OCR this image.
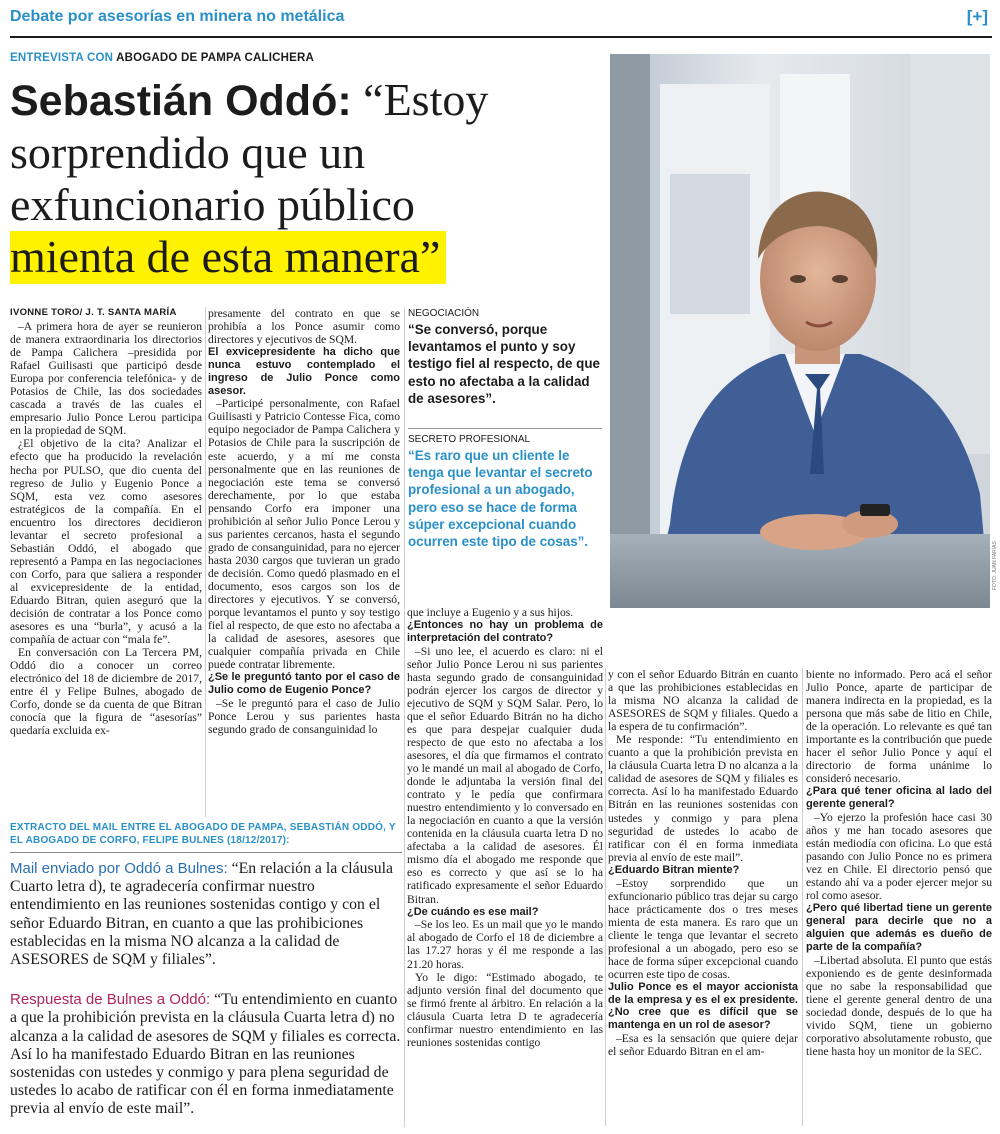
Debate por asesorías en minera no metálica	[+]
ENTREVISTA CON ABOGADO DE PAMPA CALICHERA
Sebastián Oddó: “Estoy
sorprendido que un
exfuncionario público
mienta de esta manera”
FOTO: JUAN FARÍAS
IVONNE TORO/ J. T. SANTA MARÍA

–A primera hora de ayer se reunieron de manera extraordinaria los directorios de Pampa Calichera –presidida por Rafael Guilisasti que participó desde Europa por conferencia telefónica- y de Potasios de Chile, las dos sociedades cascada a través de las cuales el empresario Julio Ponce Lerou participa en la propiedad de SQM.

¿El objetivo de la cita? Analizar el efecto que ha producido la revelación hecha por PULSO, que dio cuenta del regreso de Julio y Eugenio Ponce a SQM, esta vez como asesores estratégicos de la compañía. En el encuentro los directores decidieron levantar el secreto profesional a Sebastián Oddó, el abogado que representó a Pampa en las negociaciones con Corfo, para que saliera a responder al exvicepresidente de la entidad, Eduardo Bitran, quien aseguró que la decisión de contratar a los Ponce como asesores es una “burla”, y acusó a la compañía de actuar con “mala fe”.

En conversación con La Tercera PM, Oddó dio a conocer un correo electrónico del 18 de diciembre de 2017, entre él y Felipe Bulnes, abogado de Corfo, donde se da cuenta de que Bitran conocía que la figura de “asesorías” quedaría excluida ex-

presamente del contrato en que se prohibía a los Ponce asumir como directores y ejecutivos de SQM.

El exvicepresidente ha dicho que nunca estuvo contemplado el ingreso de Julio Ponce como asesor.

–Participé personalmente, con Rafael Guilisasti y Patricio Contesse Fica, como equipo negociador de Pampa Calichera y Potasios de Chile para la suscripción de este acuerdo, y a mí me consta personalmente que en las reuniones de negociación este tema se conversó derechamente, por lo que estaba pensando Corfo era imponer una prohibición al señor Julio Ponce Lerou y sus parientes cercanos, hasta el segundo grado de consanguinidad, para no ejercer hasta 2030 cargos que tuvieran un grado de decisión. Como quedó plasmado en el documento, esos cargos son los de directores y ejecutivos. Y se conversó, porque levantamos el punto y soy testigo fiel al respecto, de que esto no afectaba a la calidad de asesores, asesores que cualquier compañía privada en Chile puede contratar libremente.

¿Se le preguntó tanto por el caso de Julio como de Eugenio Ponce?

–Se le preguntó para el caso de Julio Ponce Lerou y sus parientes hasta segundo grado de consanguinidad lo

que incluye a Eugenio y a sus hijos.

¿Entonces no hay un problema de interpretación del contrato?

–Si uno lee, el acuerdo es claro: ni el señor Julio Ponce Lerou ni sus parientes hasta segundo grado de consanguinidad podrán ejercer los cargos de director y ejecutivo de SQM y SQM Salar. Pero, lo que el señor Eduardo Bitrán no ha dicho es que para despejar cualquier duda respecto de que esto no afectaba a los asesores, el día que firmamos el contrato yo le mandé un mail al abogado de Corfo, donde le adjuntaba la versión final del contrato y le pedía que confirmara nuestro entendimiento y lo conversado en la negociación en cuanto a que la versión contenida en la cláusula cuarta letra D no afectaba a la calidad de asesores. Él mismo día el abogado me responde que eso es correcto y que así se lo ha ratificado expresamente el señor Eduardo Bitran.

¿De cuándo es ese mail?

–Se los leo. Es un mail que yo le mando al abogado de Corfo el 18 de diciembre a las 17.27 horas y él me responde a las 21.20 horas.

Yo le digo: “Estimado abogado, te adjunto versión final del documento que se firmó frente al árbitro. En relación a la cláusula Cuarta letra D te agradecería confirmar nuestro entendimiento en las reuniones sostenidas contigo

y con el señor Eduardo Bitrán en cuanto a que las prohibiciones establecidas en la misma NO alcanza la calidad de ASESORES de SQM y filiales. Quedo a la espera de tu confirmación”.

Me responde: “Tu entendimiento en cuanto a que la prohibición prevista en la cláusula Cuarta letra D no alcanza a la calidad de asesores de SQM y filiales es correcta. Así lo ha manifestado Eduardo Bitrán en las reuniones sostenidas con ustedes y conmigo y para plena seguridad de ustedes lo acabo de ratificar con él en forma inmediata previa al envío de este mail”.

¿Eduardo Bitran miente?

–Estoy sorprendido que un exfuncionario público tras dejar su cargo hace prácticamente dos o tres meses mienta de esta manera. Es raro que un cliente le tenga que levantar el secreto profesional a un abogado, pero eso se hace de forma súper excepcional cuando ocurren este tipo de cosas.

Julio Ponce es el mayor accionista de la empresa y es el ex presidente. ¿No cree que es difícil que se mantenga en un rol de asesor?

–Esa es la sensación que quiere dejar el señor Eduardo Bitran en el am-

biente no informado. Pero acá el señor Julio Ponce, aparte de participar de manera indirecta en la propiedad, es la persona que más sabe de litio en Chile, de la operación. Lo relevante es qué tan importante es la contribución que puede hacer el señor Julio Ponce y aquí el directorio de forma unánime lo consideró necesario.

¿Para qué tener oficina al lado del gerente general?

–Yo ejerzo la profesión hace casi 30 años y me han tocado asesores que están mediodía con oficina. Lo que está pasando con Julio Ponce no es primera vez en Chile. El directorio pensó que estando ahí va a poder ejercer mejor su rol como asesor.

¿Pero qué libertad tiene un gerente general para decirle que no a alguien que además es dueño de parte de la compañía?

–Libertad absoluta. El punto que estás exponiendo es de gente desinformada que no sabe la responsabilidad que tiene el gerente general dentro de una sociedad donde, después de lo que ha vivido SQM, tiene un gobierno corporativo absolutamente robusto, que tiene hasta hoy un monitor de la SEC.

NEGOCIACIÓN
“Se conversó, porque levantamos el punto y soy testigo fiel al respecto, de que esto no afectaba a la calidad de asesores”.
SECRETO PROFESIONAL
“Es raro que un cliente le tenga que levantar el secreto profesional a un abogado, pero eso se hace de forma súper excepcional cuando ocurren este tipo de cosas”.
EXTRACTO DEL MAIL ENTRE EL ABOGADO DE PAMPA, SEBASTIÁN ODDÓ, Y EL ABOGADO DE CORFO, FELIPE BULNES (18/12/2017):
Mail enviado por Oddó a Bulnes: “En relación a la cláusula Cuarto letra d), te agradecería confirmar nuestro entendimiento en las reuniones sostenidas contigo y con el señor Eduardo Bitran, en cuanto a que las prohibiciones establecidas en la misma NO alcanza a la calidad de ASESORES de SQM y filiales”.
Respuesta de Bulnes a Oddó: “Tu entendimiento en cuanto a que la prohibición prevista en la cláusula Cuarta letra d) no alcanza a la calidad de asesores de SQM y filiales es correcta. Así lo ha manifestado Eduardo Bitran en las reuniones sostenidas con ustedes y conmigo y para plena seguridad de ustedes lo acabo de ratificar con él en forma inmediatamente previa al envío de este mail”.
